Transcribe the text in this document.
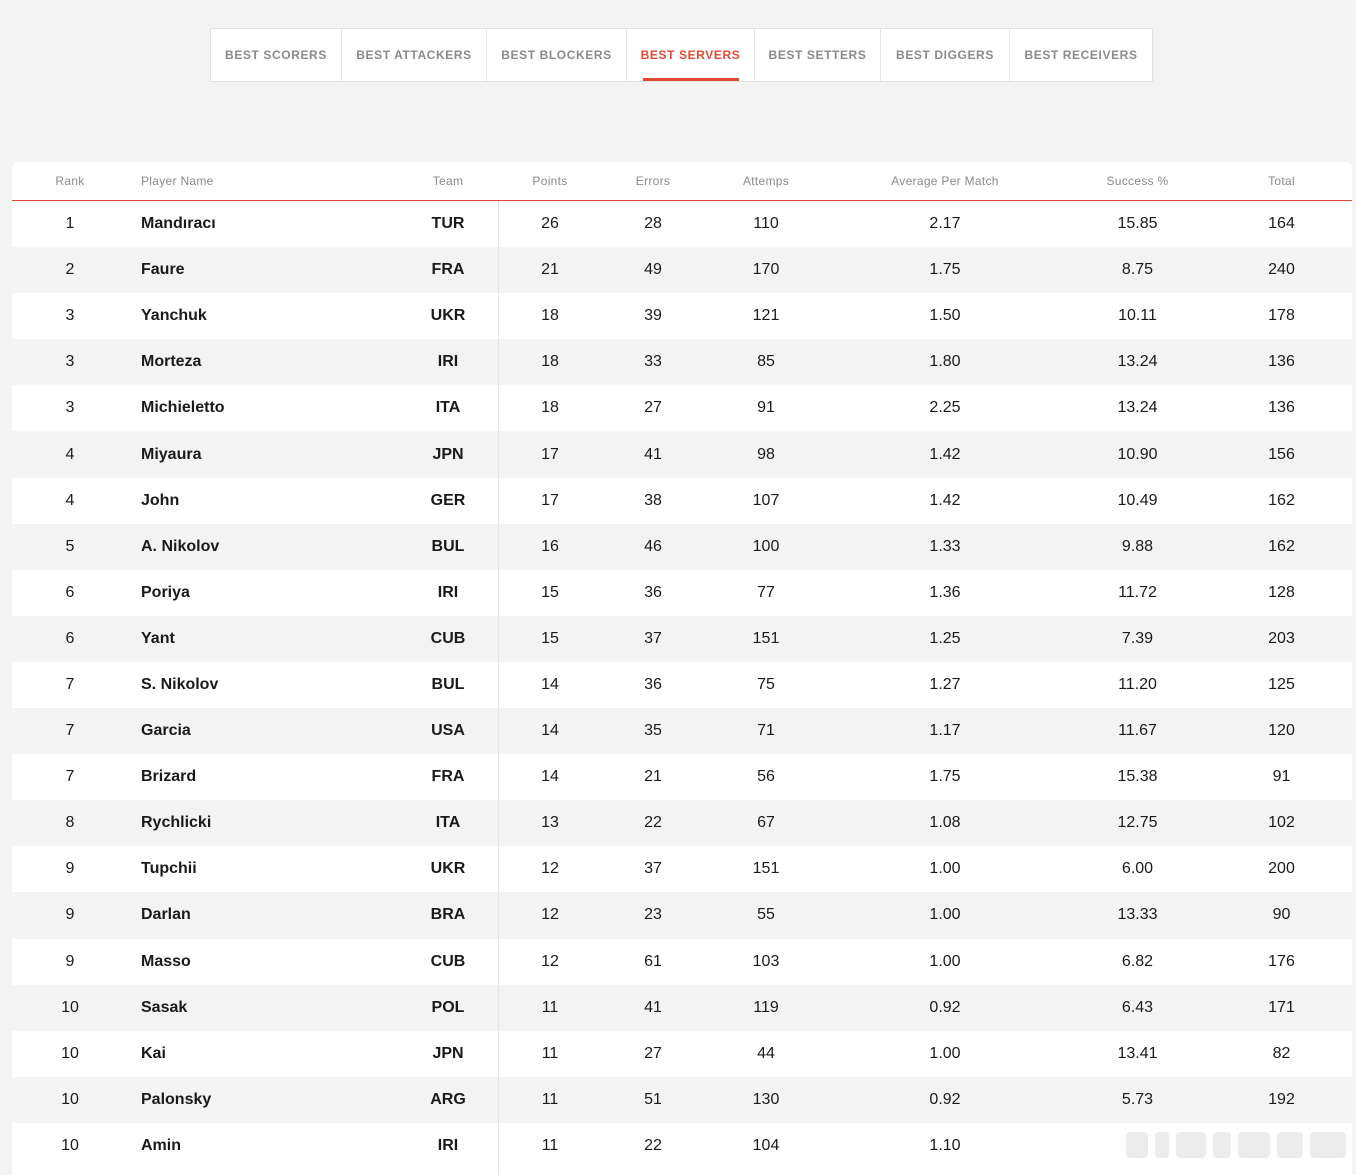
BEST SCORERS	BEST ATTACKERS	BEST BLOCKERS	BEST SERVERS	BEST SETTERS	BEST DIGGERS	BEST RECEIVERS
Rank	Player Name	Team	Points	Errors	Attemps	Average Per Match	Success %	Total
1	Mandıracı	TUR	26	28	110	2.17	15.85	164
2	Faure	FRA	21	49	170	1.75	8.75	240
3	Yanchuk	UKR	18	39	121	1.50	10.11	178
3	Morteza	IRI	18	33	85	1.80	13.24	136
3	Michieletto	ITA	18	27	91	2.25	13.24	136
4	Miyaura	JPN	17	41	98	1.42	10.90	156
4	John	GER	17	38	107	1.42	10.49	162
5	A. Nikolov	BUL	16	46	100	1.33	9.88	162
6	Poriya	IRI	15	36	77	1.36	11.72	128
6	Yant	CUB	15	37	151	1.25	7.39	203
7	S. Nikolov	BUL	14	36	75	1.27	11.20	125
7	Garcia	USA	14	35	71	1.17	11.67	120
7	Brizard	FRA	14	21	56	1.75	15.38	91
8	Rychlicki	ITA	13	22	67	1.08	12.75	102
9	Tupchii	UKR	12	37	151	1.00	6.00	200
9	Darlan	BRA	12	23	55	1.00	13.33	90
9	Masso	CUB	12	61	103	1.00	6.82	176
10	Sasak	POL	11	41	119	0.92	6.43	171
10	Kai	JPN	11	27	44	1.00	13.41	82
10	Palonsky	ARG	11	51	130	0.92	5.73	192
10	Amin	IRI	11	22	104	1.10
